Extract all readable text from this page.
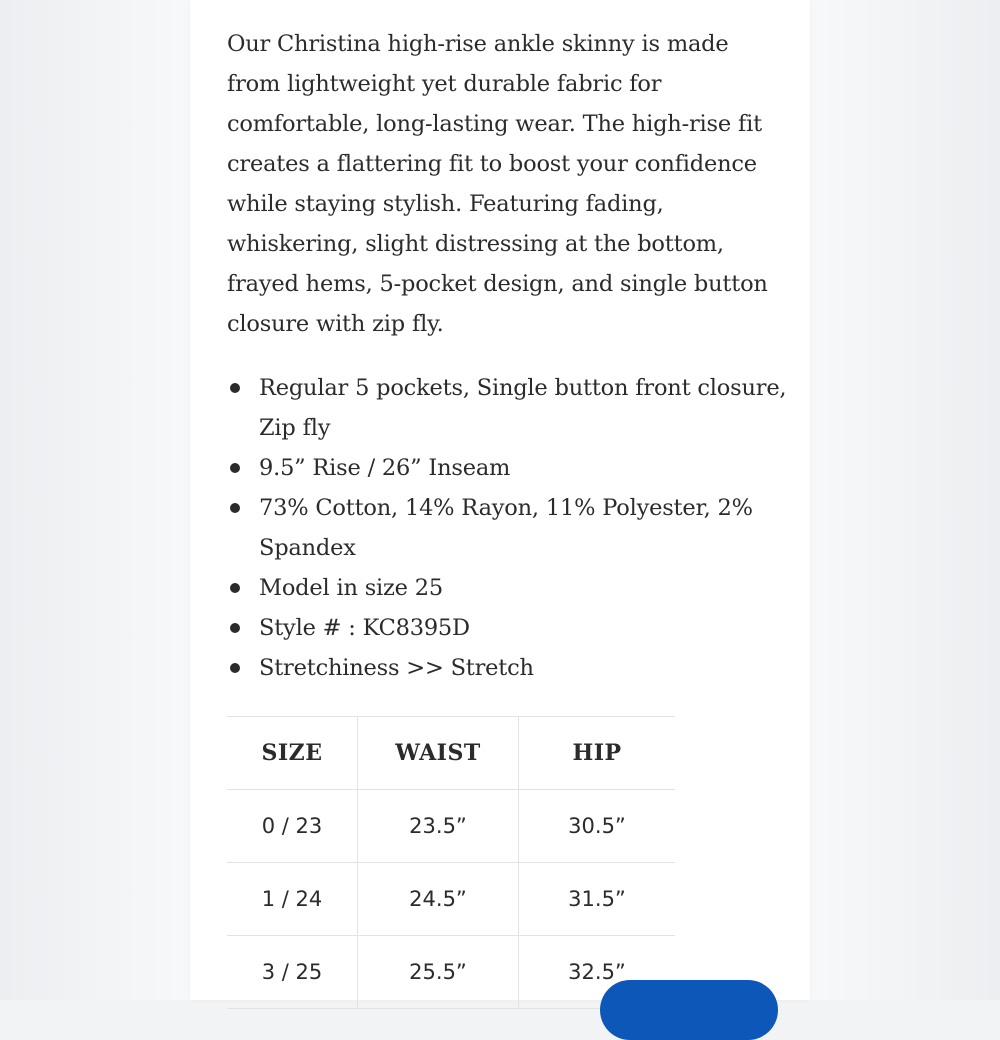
Our Christina high-rise ankle skinny is made from lightweight yet durable fabric for comfortable, long-lasting wear. The high-rise fit creates a flattering fit to boost your confidence while staying stylish. Featuring fading, whiskering, slight distressing at the bottom, frayed hems, 5-pocket design, and single button closure with zip fly.

Regular 5 pockets, Single button front closure, Zip fly
9.5” Rise / 26” Inseam
73% Cotton, 14% Rayon, 11% Polyester, 2% Spandex
Model in size 25
Style # : KC8395D
Stretchiness >> Stretch
SIZE	WAIST	HIP
0 / 23	23.5”	30.5”
1 / 24	24.5”	31.5”
3 / 25	25.5”	32.5”
